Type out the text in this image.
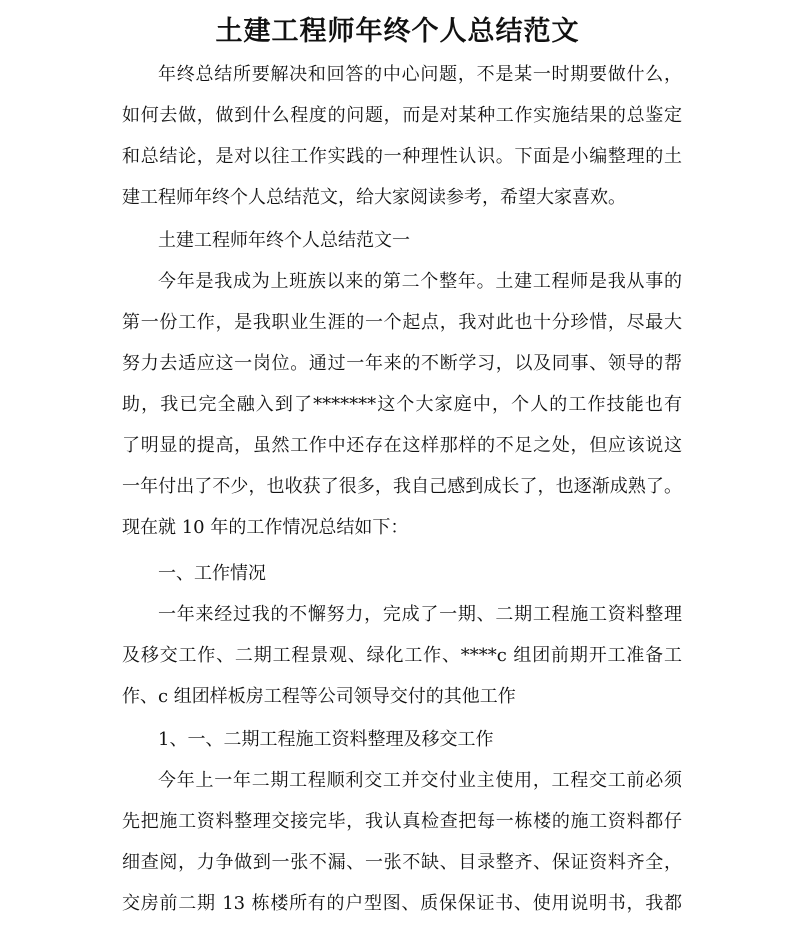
土建工程师年终个人总结范文
年终总结所要解决和回答的中心问题，不是某一时期要做什么，
如何去做，做到什么程度的问题，而是对某种工作实施结果的总鉴定
和总结论，是对以往工作实践的一种理性认识。下面是小编整理的土
建工程师年终个人总结范文，给大家阅读参考，希望大家喜欢。
土建工程师年终个人总结范文一
今年是我成为上班族以来的第二个整年。土建工程师是我从事的
第一份工作，是我职业生涯的一个起点，我对此也十分珍惜，尽最大
努力去适应这一岗位。通过一年来的不断学习，以及同事、领导的帮
助，我已完全融入到了*******这个大家庭中，个人的工作技能也有
了明显的提高，虽然工作中还存在这样那样的不足之处，但应该说这
一年付出了不少，也收获了很多，我自己感到成长了，也逐渐成熟了。
现在就 10 年的工作情况总结如下：
一、工作情况
一年来经过我的不懈努力，完成了一期、二期工程施工资料整理
及移交工作、二期工程景观、绿化工作、****c 组团前期开工准备工
作、c 组团样板房工程等公司领导交付的其他工作
1、一、二期工程施工资料整理及移交工作
今年上一年二期工程顺利交工并交付业主使用，工程交工前必须
先把施工资料整理交接完毕，我认真检查把每一栋楼的施工资料都仔
细查阅，力争做到一张不漏、一张不缺、目录整齐、保证资料齐全，
交房前二期 13 栋楼所有的户型图、质保保证书、使用说明书，我都
